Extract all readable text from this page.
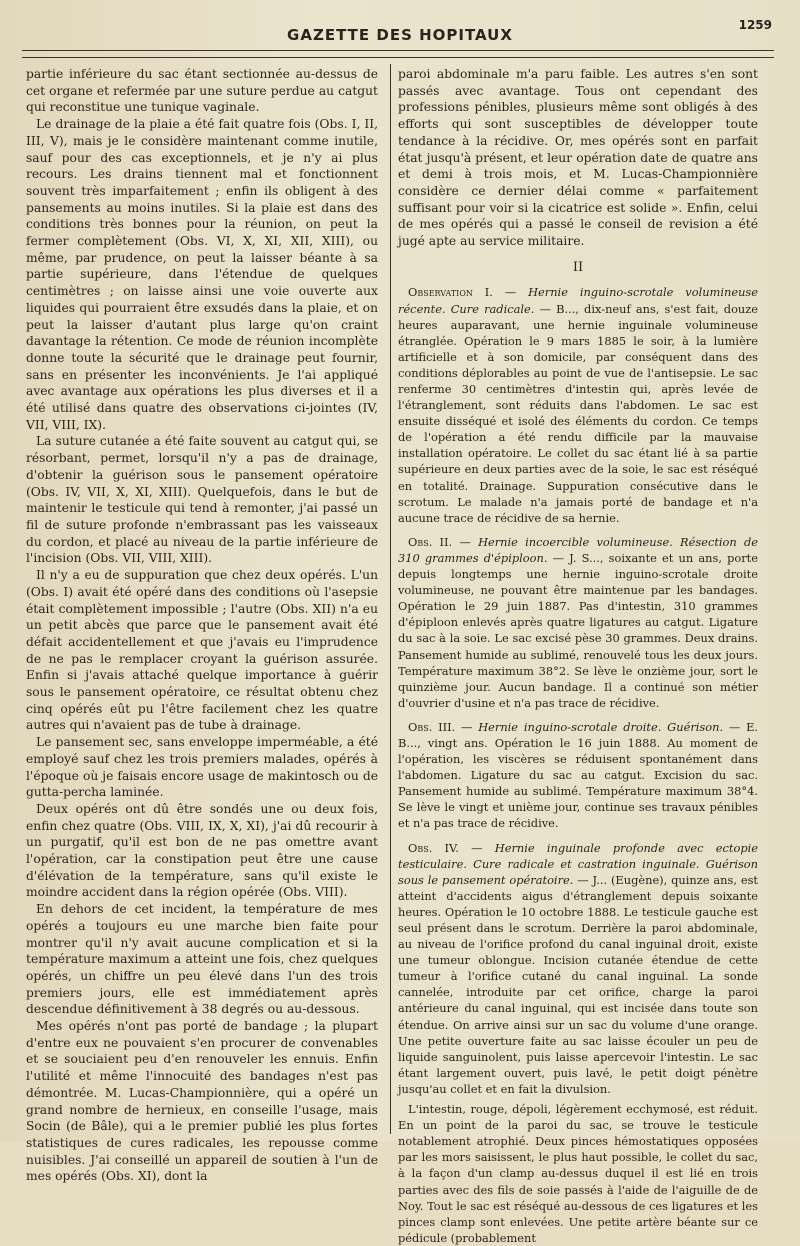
GAZETTE DES HOPITAUX
1259

partie inférieure du sac étant sectionnée au-dessus de cet organe et refermée par une suture perdue au catgut qui reconstitue une tunique vaginale.

Le drainage de la plaie a été fait quatre fois (Obs. I, II, III, V), mais je le considère maintenant comme inutile, sauf pour des cas exceptionnels, et je n'y ai plus recours. Les drains tiennent mal et fonctionnent souvent très imparfaitement ; enfin ils obligent à des pansements au moins inutiles. Si la plaie est dans des conditions très bonnes pour la réunion, on peut la fermer complètement (Obs. VI, X, XI, XII, XIII), ou même, par prudence, on peut la laisser béante à sa partie supérieure, dans l'étendue de quelques centimètres ; on laisse ainsi une voie ouverte aux liquides qui pourraient être exsudés dans la plaie, et on peut la laisser d'autant plus large qu'on craint davantage la rétention. Ce mode de réunion incomplète donne toute la sécurité que le drainage peut fournir, sans en présenter les inconvénients. Je l'ai appliqué avec avantage aux opérations les plus diverses et il a été utilisé dans quatre des observations ci-jointes (IV, VII, VIII, IX).

La suture cutanée a été faite souvent au catgut qui, se résorbant, permet, lorsqu'il n'y a pas de drainage, d'obtenir la guérison sous le pansement opératoire (Obs. IV, VII, X, XI, XIII). Quelquefois, dans le but de maintenir le testicule qui tend à remonter, j'ai passé un fil de suture profonde n'embrassant pas les vaisseaux du cordon, et placé au niveau de la partie inférieure de l'incision (Obs. VII, VIII, XIII).

Il n'y a eu de suppuration que chez deux opérés. L'un (Obs. I) avait été opéré dans des conditions où l'asepsie était complètement impossible ; l'autre (Obs. XII) n'a eu un petit abcès que parce que le pansement avait été défait accidentellement et que j'avais eu l'imprudence de ne pas le remplacer croyant la guérison assurée. Enfin si j'avais attaché quelque importance à guérir sous le pansement opératoire, ce résultat obtenu chez cinq opérés eût pu l'être facilement chez les quatre autres qui n'avaient pas de tube à drainage.

Le pansement sec, sans enveloppe imperméable, a été employé sauf chez les trois premiers malades, opérés à l'époque où je faisais encore usage de makintosch ou de gutta-percha laminée.

Deux opérés ont dû être sondés une ou deux fois, enfin chez quatre (Obs. VIII, IX, X, XI), j'ai dû recourir à un purgatif, qu'il est bon de ne pas omettre avant l'opération, car la constipation peut être une cause d'élévation de la température, sans qu'il existe le moindre accident dans la région opérée (Obs. VIII).

En dehors de cet incident, la température de mes opérés a toujours eu une marche bien faite pour montrer qu'il n'y avait aucune complication et si la température maximum a atteint une fois, chez quelques opérés, un chiffre un peu élevé dans l'un des trois premiers jours, elle est immédiatement après descendue définitivement à 38 degrés ou au-dessous.

Mes opérés n'ont pas porté de bandage ; la plupart d'entre eux ne pouvaient s'en procurer de convenables et se souciaient peu d'en renouveler les ennuis. Enfin l'utilité et même l'innocuité des bandages n'est pas démontrée. M. Lucas-Championnière, qui a opéré un grand nombre de hernieux, en conseille l'usage, mais Socin (de Bâle), qui a le premier publié les plus fortes statistiques de cures radicales, les repousse comme nuisibles. J'ai conseillé un appareil de soutien à l'un de mes opérés (Obs. XI), dont la

paroi abdominale m'a paru faible. Les autres s'en sont passés avec avantage. Tous ont cependant des professions pénibles, plusieurs même sont obligés à des efforts qui sont susceptibles de développer toute tendance à la récidive. Or, mes opérés sont en parfait état jusqu'à présent, et leur opération date de quatre ans et demi à trois mois, et M. Lucas-Championnière considère ce dernier délai comme « parfaitement suffisant pour voir si la cicatrice est solide ». Enfin, celui de mes opérés qui a passé le conseil de revision a été jugé apte au service militaire.

II

Observation I. — Hernie inguino-scrotale volumineuse récente. Cure radicale. — B..., dix-neuf ans, s'est fait, douze heures auparavant, une hernie inguinale volumineuse étranglée. Opération le 9 mars 1885 le soir, à la lumière artificielle et à son domicile, par conséquent dans des conditions déplorables au point de vue de l'antisepsie. Le sac renferme 30 centimètres d'intestin qui, après levée de l'étranglement, sont réduits dans l'abdomen. Le sac est ensuite disséqué et isolé des éléments du cordon. Ce temps de l'opération a été rendu difficile par la mauvaise installation opératoire. Le collet du sac étant lié à sa partie supérieure en deux parties avec de la soie, le sac est réséqué en totalité. Drainage. Suppuration consécutive dans le scrotum. Le malade n'a jamais porté de bandage et n'a aucune trace de récidive de sa hernie.

Obs. II. — Hernie incoercible volumineuse. Résection de 310 grammes d'épiploon. — J. S..., soixante et un ans, porte depuis longtemps une hernie inguino-scrotale droite volumineuse, ne pouvant être maintenue par les bandages. Opération le 29 juin 1887. Pas d'intestin, 310 grammes d'épiploon enlevés après quatre ligatures au catgut. Ligature du sac à la soie. Le sac excisé pèse 30 grammes. Deux drains. Pansement humide au sublimé, renouvelé tous les deux jours. Température maximum 38°2. Se lève le onzième jour, sort le quinzième jour. Aucun bandage. Il a continué son métier d'ouvrier d'usine et n'a pas trace de récidive.

Obs. III. — Hernie inguino-scrotale droite. Guérison. — E. B..., vingt ans. Opération le 16 juin 1888. Au moment de l'opération, les viscères se réduisent spontanément dans l'abdomen. Ligature du sac au catgut. Excision du sac. Pansement humide au sublimé. Température maximum 38°4. Se lève le vingt et unième jour, continue ses travaux pénibles et n'a pas trace de récidive.

Obs. IV. — Hernie inguinale profonde avec ectopie testiculaire. Cure radicale et castration inguinale. Guérison sous le pansement opératoire. — J... (Eugène), quinze ans, est atteint d'accidents aigus d'étranglement depuis soixante heures. Opération le 10 octobre 1888. Le testicule gauche est seul présent dans le scrotum. Derrière la paroi abdominale, au niveau de l'orifice profond du canal inguinal droit, existe une tumeur oblongue. Incision cutanée étendue de cette tumeur à l'orifice cutané du canal inguinal. La sonde cannelée, introduite par cet orifice, charge la paroi antérieure du canal inguinal, qui est incisée dans toute son étendue. On arrive ainsi sur un sac du volume d'une orange. Une petite ouverture faite au sac laisse écouler un peu de liquide sanguinolent, puis laisse apercevoir l'intestin. Le sac étant largement ouvert, puis lavé, le petit doigt pénètre jusqu'au collet et en fait la divulsion.

L'intestin, rouge, dépoli, légèrement ecchymosé, est réduit. En un point de la paroi du sac, se trouve le testicule notablement atrophié. Deux pinces hémostatiques opposées par les mors saisissent, le plus haut possible, le collet du sac, à la façon d'un clamp au-dessus duquel il est lié en trois parties avec des fils de soie passés à l'aide de l'aiguille de de Noy. Tout le sac est réséqué au-dessous de ces ligatures et les pinces clamp sont enlevées. Une petite artère béante sur ce pédicule (probablement
